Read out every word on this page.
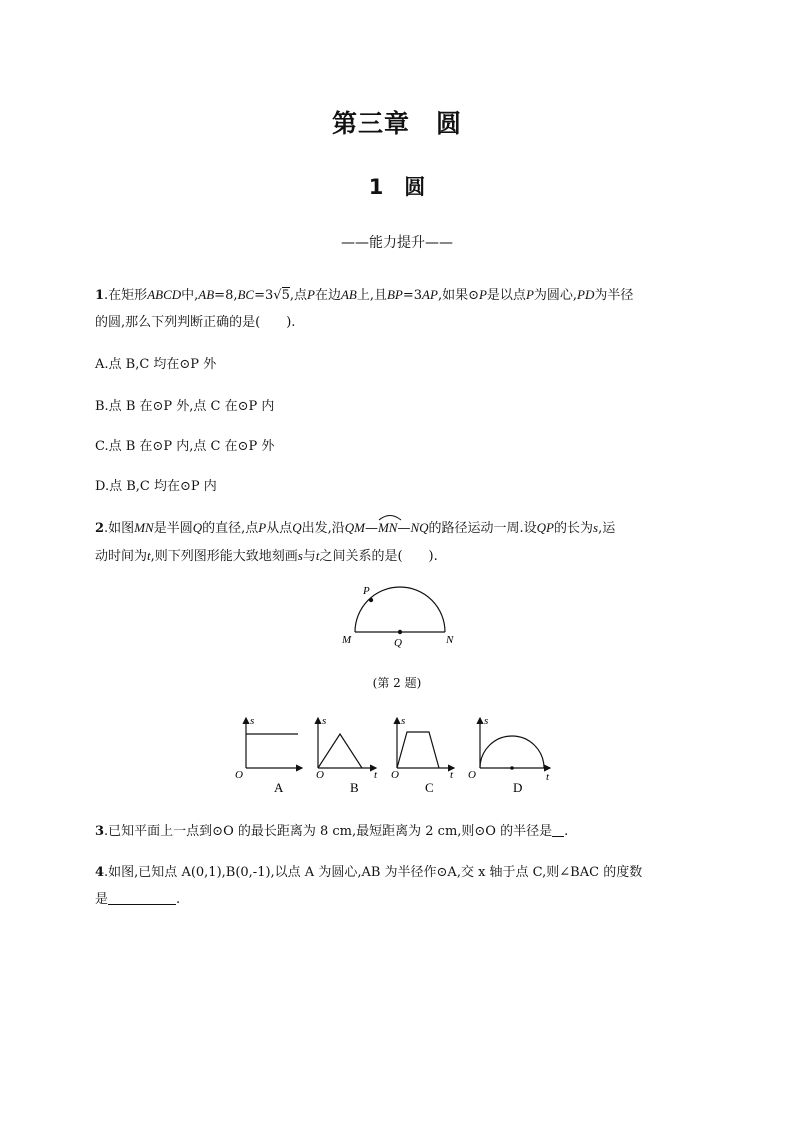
第三章　圆
1　圆
——能力提升——
1.在矩形ABCD中,AB=8,BC=3√5,点P在边AB上,且BP=3AP,如果⊙P是以点P为圆心,PD为半径
的圆,那么下列判断正确的是(　　).
A.点 B,C 均在⊙P 外
B.点 B 在⊙P 外,点 C 在⊙P 内
C.点 B 在⊙P 内,点 C 在⊙P 外
D.点 B,C 均在⊙P 内
2.如图MN是半圆Q的直径,点P从点Q出发,沿QM—
MN—NQ的路径运动一周.设QP的长为s,运
动时间为t,则下列图形能大致地刻画s与t之间关系的是(　　).
P
M	Q	N
(第 2 题)
s
O
A
s
O	t
B
s
O	t
C
s
O	t
D
3.已知平面上一点到⊙O 的最长距离为 8 cm,最短距离为 2 cm,则⊙O 的半径是 .
4.如图,已知点 A(0,1),B(0,-1),以点 A 为圆心,AB 为半径作⊙A,交 x 轴于点 C,则∠BAC 的度数
是	.
